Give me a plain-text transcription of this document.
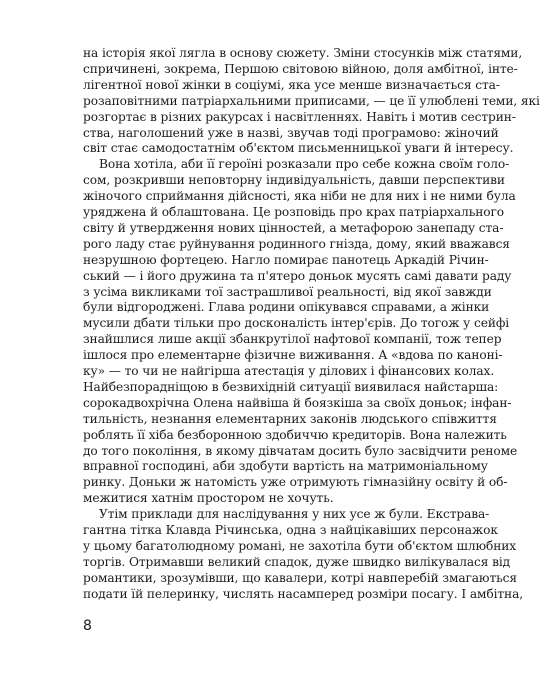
на історія якої лягла в основу сюжету. Зміни стосунків між статями,
спричинені, зокрема, Першою світовою війною, доля амбітної, інте-
лігентної нової жінки в соціумі, яка усе менше визначається ста-
розаповітними патріархальними приписами, — це її улюблені теми, які
розгортає в різних ракурсах і насвітленнях. Навіть і мотив сестрин-
ства, наголошений уже в назві, звучав тоді програмово: жіночий
світ стає самодостатнім об'єктом письменницької уваги й інтересу.
Вона хотіла, аби її героїні розказали про себе кожна своїм голо-
сом, розкривши неповторну індивідуальність, давши перспективи
жіночого сприймання дійсності, яка ніби не для них і не ними була
уряджена й облаштована. Це розповідь про крах патріархального
світу й утвердження нових цінностей, а метафорою занепаду ста-
рого ладу стає руйнування родинного гнізда, дому, який вважався
незрушною фортецею. Нагло помирає панотець Аркадій Річин-
ський — і його дружина та п'ятеро доньок мусять самі давати раду
з усіма викликами тої застрашливої реальності, від якої завжди
були відгороджені. Глава родини опікувався справами, а жінки
мусили дбати тільки про досконалість інтер'єрів. До тогож у сейфі
знайшлися лише акції збанкрутілої нафтової компанії, тож тепер
ішлося про елементарне фізичне виживання. А «вдова по каноні-
ку» — то чи не найгірша атестація у ділових і фінансових колах.
Найбезпорадніщою в безвихідній ситуації виявилася найстарша:
сорокадвохрічна Олена найвіша й боязкіша за своїх доньок; інфан-
тильність, незнання елементарних законів людського співжиття
роблять її хіба безборонною здобиччю кредиторів. Вона належить
до того покоління, в якому дівчатам досить було засвідчити реноме
вправної господині, аби здобути вартість на матримоніальному
ринку. Доньки ж натомість уже отримують гімназійну освіту й об-
межитися хатнім простором не хочуть.
Утім приклади для наслідування у них усе ж були. Екстрава-
гантна тітка Клавда Річинська, одна з найцікавіших персонажок
у цьому багатолюдному романі, не захотіла бути об'єктом шлюбних
торгів. Отримавши великий спадок, дуже швидко вилікувалася від
романтики, зрозумівши, що кавалери, котрі навперебій змагаються
подати їй пелеринку, числять насамперед розміри посагу. І амбітна,
8
